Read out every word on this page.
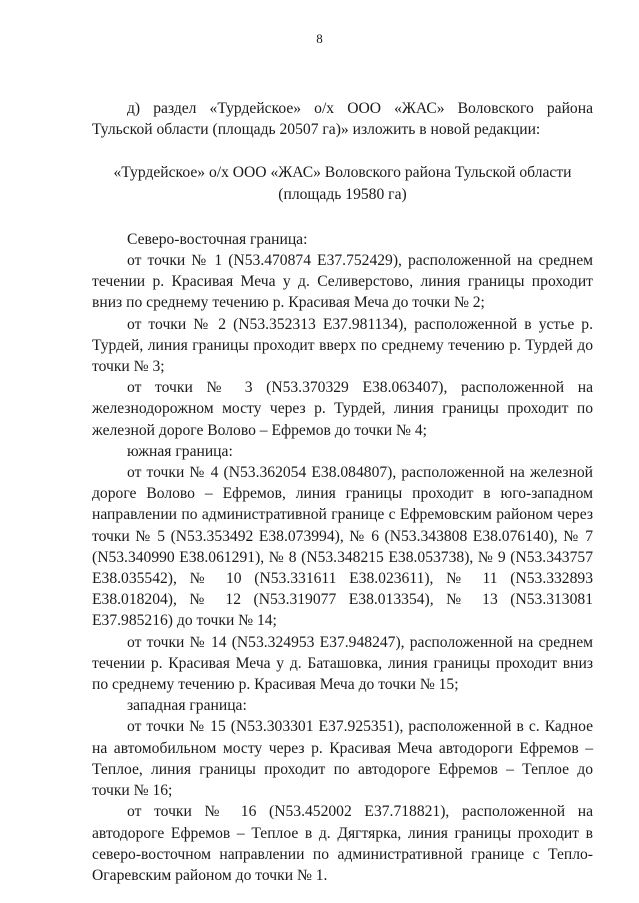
8

д) раздел «Турдейское» о/х ООО «ЖАС» Воловского района Тульской области (площадь 20507 га)» изложить в новой редакции:

«Турдейское» о/х ООО «ЖАС» Воловского района Тульской области

(площадь 19580 га)

Северо-восточная граница:

от точки № 1 (N53.470874 E37.752429), расположенной на среднем течении р. Красивая Меча у д. Селиверстово, линия границы проходит вниз по среднему течению р. Красивая Меча до точки № 2;

от точки № 2 (N53.352313 E37.981134), расположенной в устье р. Турдей, линия границы проходит вверх по среднему течению р. Турдей до точки № 3;

от точки № 3 (N53.370329 E38.063407), расположенной на железнодорожном мосту через р. Турдей, линия границы проходит по железной дороге Волово – Ефремов до точки № 4;

южная граница:

от точки № 4 (N53.362054 E38.084807), расположенной на железной дороге Волово – Ефремов, линия границы проходит в юго-западном направлении по административной границе с Ефремовским районом через точки № 5 (N53.353492 E38.073994), № 6 (N53.343808 E38.076140), № 7 (N53.340990 E38.061291), № 8 (N53.348215 E38.053738), № 9 (N53.343757 E38.035542), № 10 (N53.331611 E38.023611), № 11 (N53.332893 E38.018204), № 12 (N53.319077 E38.013354), № 13 (N53.313081 E37.985216) до точки № 14;

от точки № 14 (N53.324953 E37.948247), расположенной на среднем течении р. Красивая Меча у д. Баташовка, линия границы проходит вниз по среднему течению р. Красивая Меча до точки № 15;

западная граница:

от точки № 15 (N53.303301 E37.925351), расположенной в с. Кадное на автомобильном мосту через р. Красивая Меча автодороги Ефремов – Теплое, линия границы проходит по автодороге Ефремов – Теплое до точки № 16;

от точки № 16 (N53.452002 E37.718821), расположенной на автодороге Ефремов – Теплое в д. Дягтярка, линия границы проходит в северо-восточном направлении по административной границе с Тепло-Огаревским районом до точки № 1.
